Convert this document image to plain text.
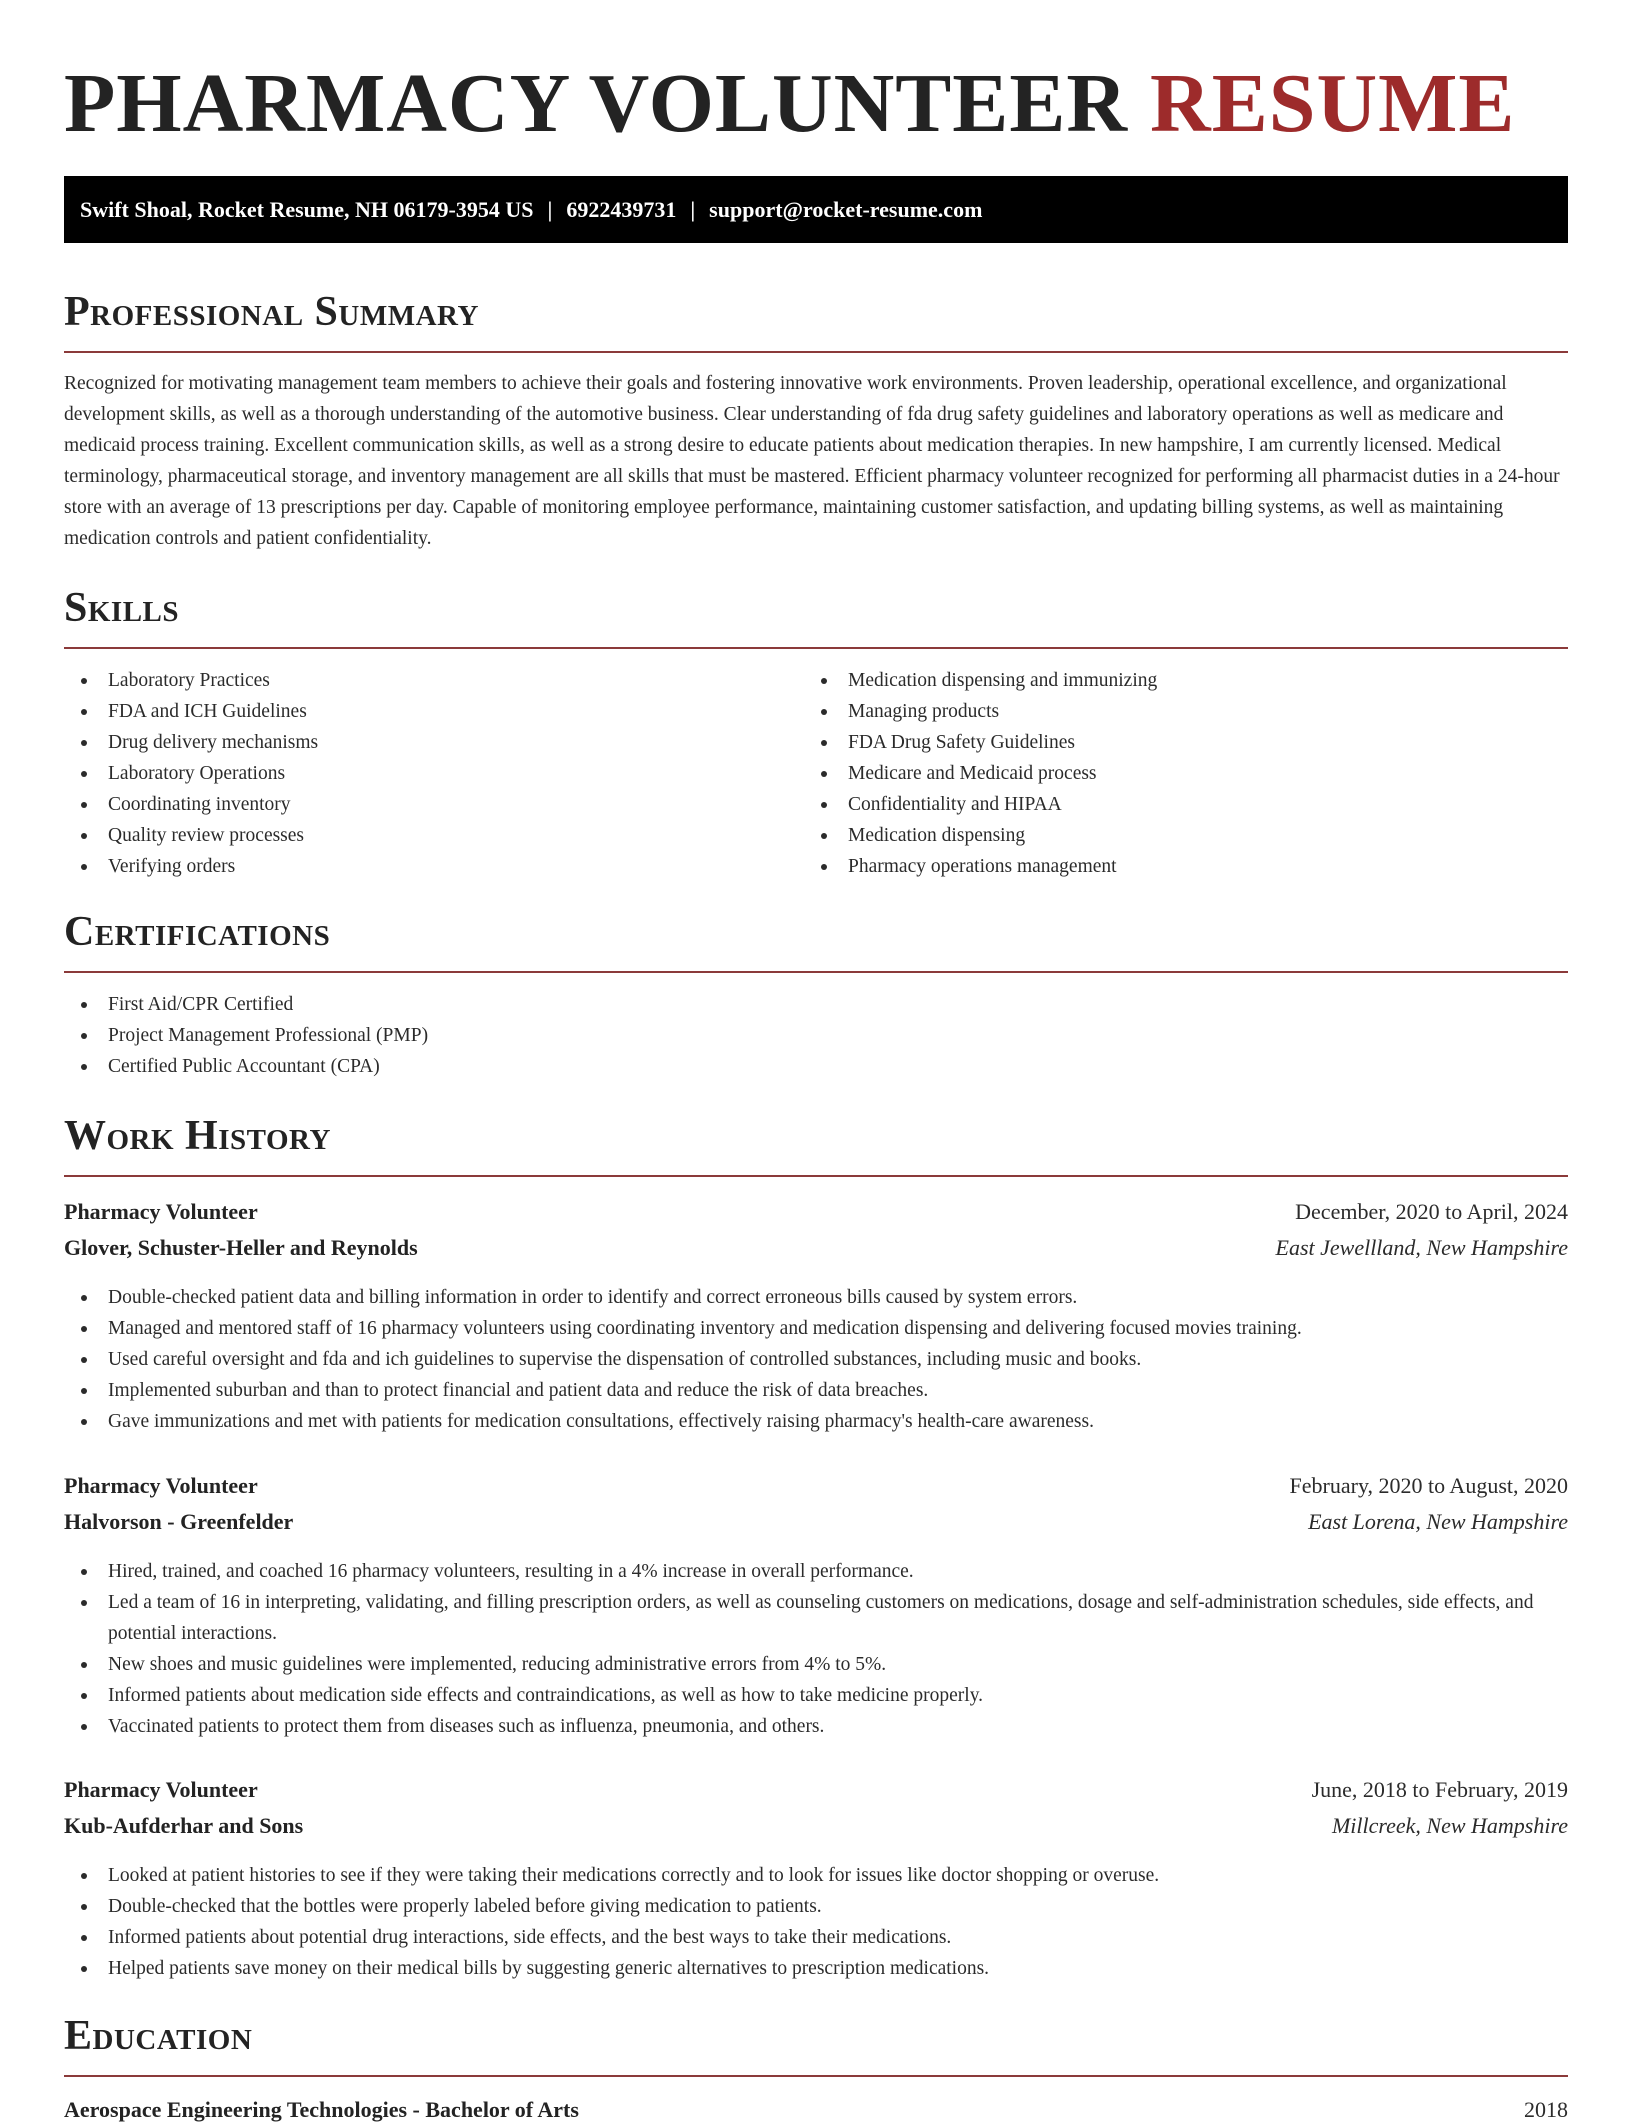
PHARMACY VOLUNTEER RESUME
Swift Shoal, Rocket Resume, NH 06179-3954 US | 6922439731 | support@rocket-resume.com
Professional Summary

Recognized for motivating management team members to achieve their goals and fostering innovative work environments. Proven leadership, operational excellence, and organizational development skills, as well as a thorough understanding of the automotive business. Clear understanding of fda drug safety guidelines and laboratory operations as well as medicare and medicaid process training. Excellent communication skills, as well as a strong desire to educate patients about medication therapies. In new hampshire, I am currently licensed. Medical terminology, pharmaceutical storage, and inventory management are all skills that must be mastered. Efficient pharmacy volunteer recognized for performing all pharmacist duties in a 24-hour store with an average of 13 prescriptions per day. Capable of monitoring employee performance, maintaining customer satisfaction, and updating billing systems, as well as maintaining medication controls and patient confidentiality.

Skills
Laboratory Practices
FDA and ICH Guidelines
Drug delivery mechanisms
Laboratory Operations
Coordinating inventory
Quality review processes
Verifying orders
Medication dispensing and immunizing
Managing products
FDA Drug Safety Guidelines
Medicare and Medicaid process
Confidentiality and HIPAA
Medication dispensing
Pharmacy operations management
Certifications
First Aid/CPR Certified
Project Management Professional (PMP)
Certified Public Accountant (CPA)
Work History
Pharmacy Volunteer	December, 2020 to April, 2024
Glover, Schuster-Heller and Reynolds	East Jewellland, New Hampshire
Double-checked patient data and billing information in order to identify and correct erroneous bills caused by system errors.
Managed and mentored staff of 16 pharmacy volunteers using coordinating inventory and medication dispensing and delivering focused movies training.
Used careful oversight and fda and ich guidelines to supervise the dispensation of controlled substances, including music and books.
Implemented suburban and than to protect financial and patient data and reduce the risk of data breaches.
Gave immunizations and met with patients for medication consultations, effectively raising pharmacy's health-care awareness.
Pharmacy Volunteer	February, 2020 to August, 2020
Halvorson - Greenfelder	East Lorena, New Hampshire
Hired, trained, and coached 16 pharmacy volunteers, resulting in a 4% increase in overall performance.
Led a team of 16 in interpreting, validating, and filling prescription orders, as well as counseling customers on medications, dosage and self-administration schedules, side effects, and potential interactions.
New shoes and music guidelines were implemented, reducing administrative errors from 4% to 5%.
Informed patients about medication side effects and contraindications, as well as how to take medicine properly.
Vaccinated patients to protect them from diseases such as influenza, pneumonia, and others.
Pharmacy Volunteer	June, 2018 to February, 2019
Kub-Aufderhar and Sons	Millcreek, New Hampshire
Looked at patient histories to see if they were taking their medications correctly and to look for issues like doctor shopping or overuse.
Double-checked that the bottles were properly labeled before giving medication to patients.
Informed patients about potential drug interactions, side effects, and the best ways to take their medications.
Helped patients save money on their medical bills by suggesting generic alternatives to prescription medications.
Education
Aerospace Engineering Technologies - Bachelor of Arts	2018
